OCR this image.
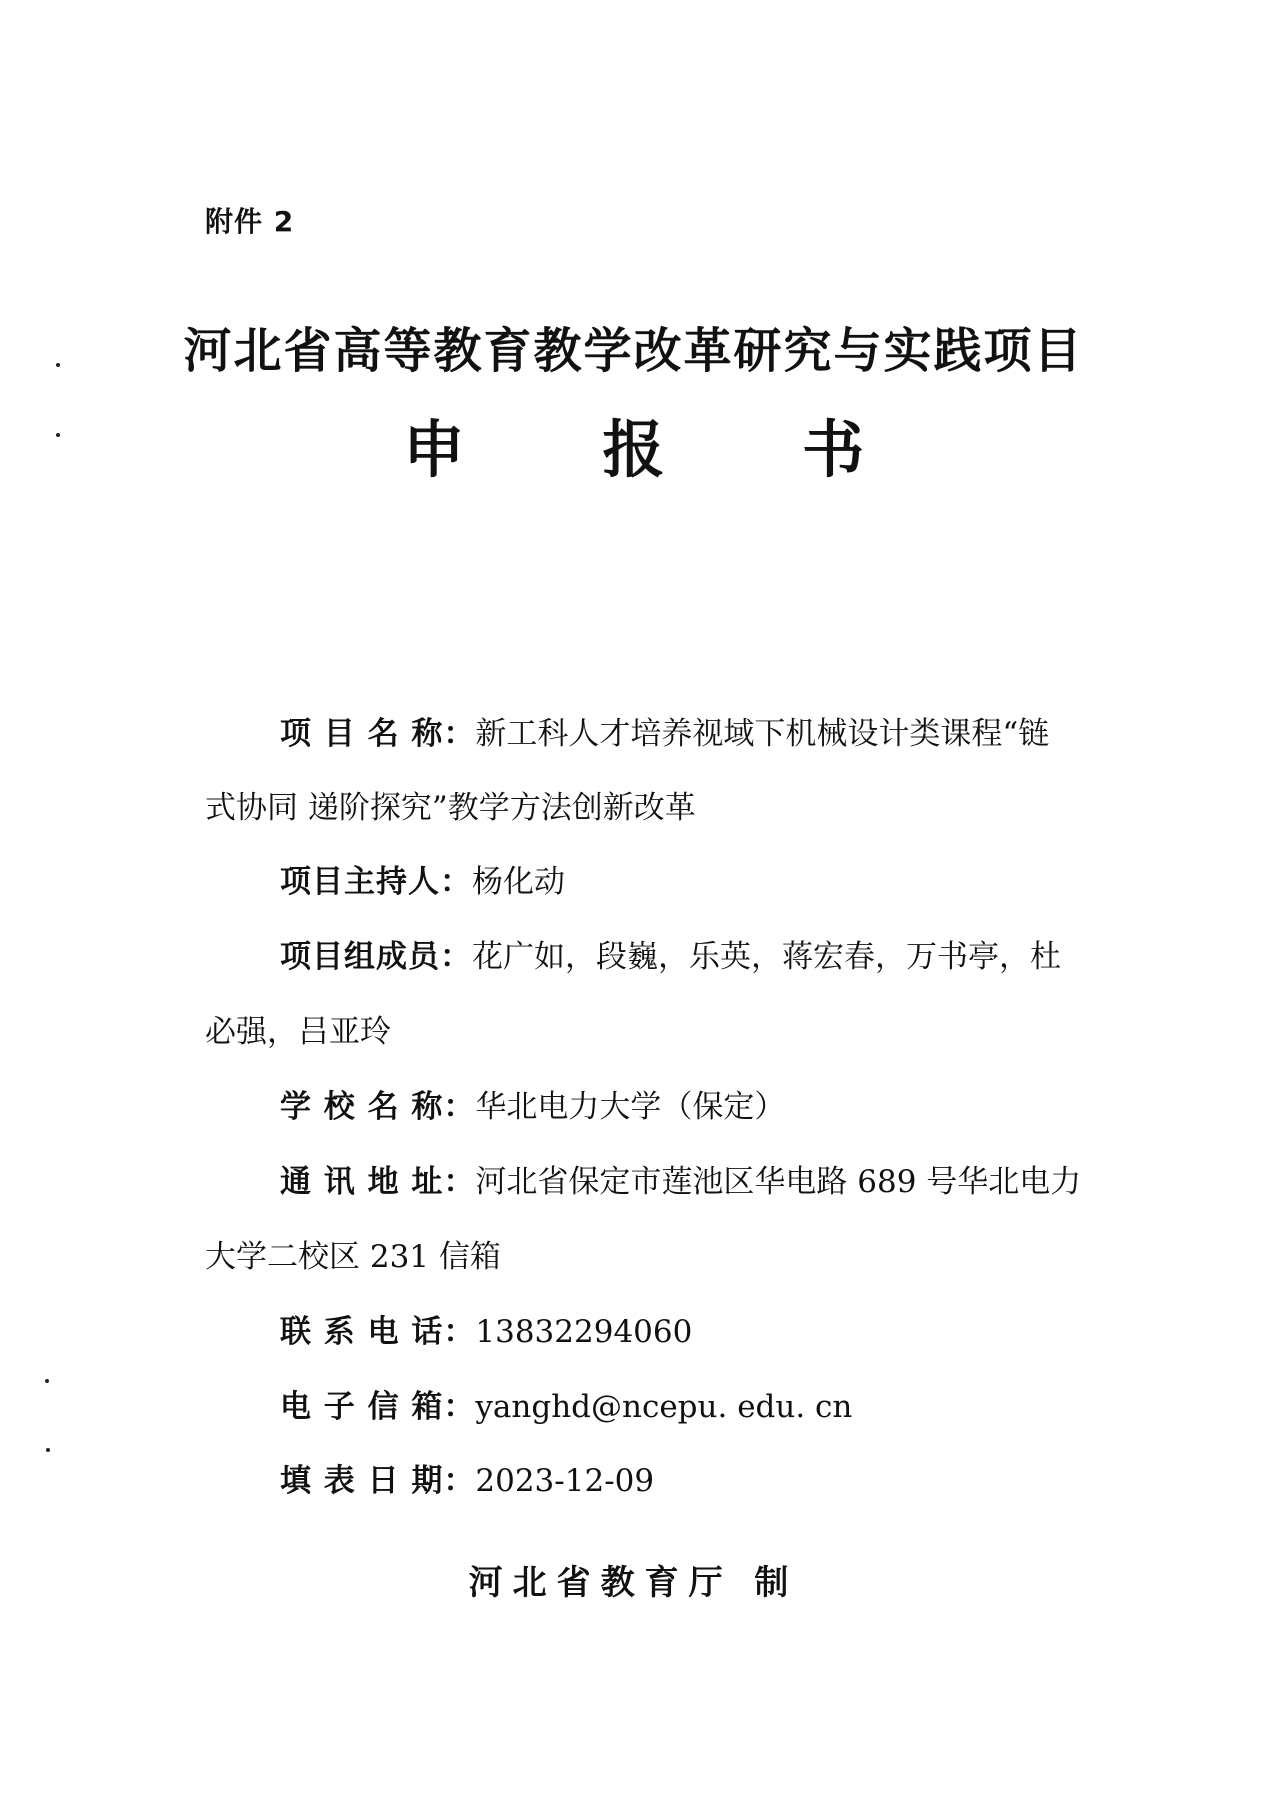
附件 2
河北省高等教育教学改革研究与实践项目
申 报 书
项 目 名 称：新工科人才培养视域下机械设计类课程“链
式协同 递阶探究”教学方法创新改革
项目主持人：杨化动
项目组成员：花广如，段巍，乐英，蒋宏春，万书亭，杜
必强，吕亚玲
学 校 名 称：华北电力大学（保定）
通 讯 地 址：河北省保定市莲池区华电路 689 号华北电力
大学二校区 231 信箱
联 系 电 话：13832294060
电 子 信 箱：yanghd@ncepu. edu. cn
填 表 日 期：2023-12-09
河北省教育厅 制
